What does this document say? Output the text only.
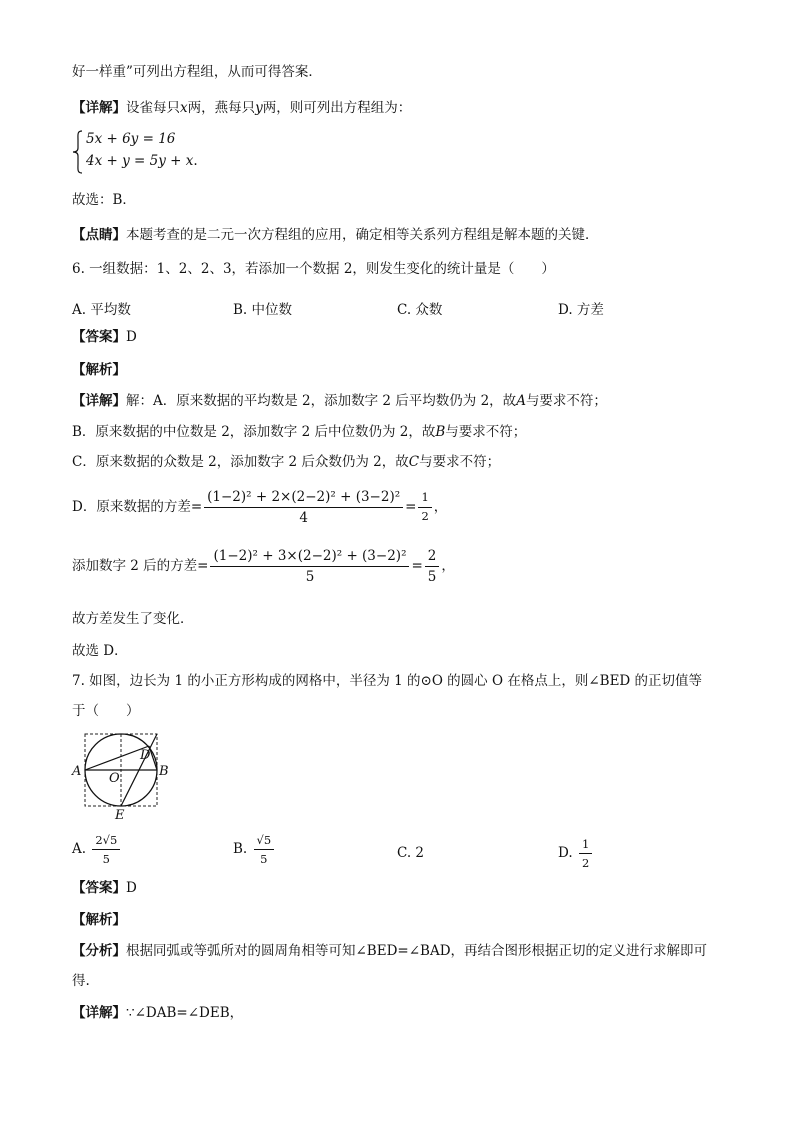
好一样重”可列出方程组，从而可得答案．
【详解】设雀每只x两，燕每只y两，则可列出方程组为：
5x + 6y = 16
4x + y = 5y + x.
故选：B．
【点睛】本题考查的是二元一次方程组的应用，确定相等关系列方程组是解本题的关键．
6. 一组数据：1、2、2、3，若添加一个数据 2，则发生变化的统计量是（　　）
A. 平均数	B. 中位数	C. 众数	D. 方差
【答案】D
【解析】
【详解】解：A．原来数据的平均数是 2，添加数字 2 后平均数仍为 2，故A与要求不符；
B．原来数据的中位数是 2，添加数字 2 后中位数仍为 2，故B与要求不符；
C．原来数据的众数是 2，添加数字 2 后众数仍为 2，故C与要求不符；
D．原来数据的方差= $\frac{\text{(1−2)² + 2×(2−2)² + (3−2)²}}{4} = \frac{1}{2}$ ，
添加数字 2 后的方差= $\frac{\text{(1−2)² + 3×(2−2)² + (3−2)²}}{5} = \frac{2}{5}$ ，
故方差发生了变化．
故选 D．
7. 如图，边长为 1 的小正方形构成的网格中，半径为 1 的⊙O 的圆心 O 在格点上，则∠BED 的正切值等
于（　　）
A	B
D
O
E
A. $\frac{2√5}{5}$	B. $\frac{√5}{5}$	C. 2	D. $\frac{1}{2}$
【答案】D
【解析】
【分析】根据同弧或等弧所对的圆周角相等可知∠BED=∠BAD，再结合图形根据正切的定义进行求解即可
得.
【详解】∵∠DAB=∠DEB，
